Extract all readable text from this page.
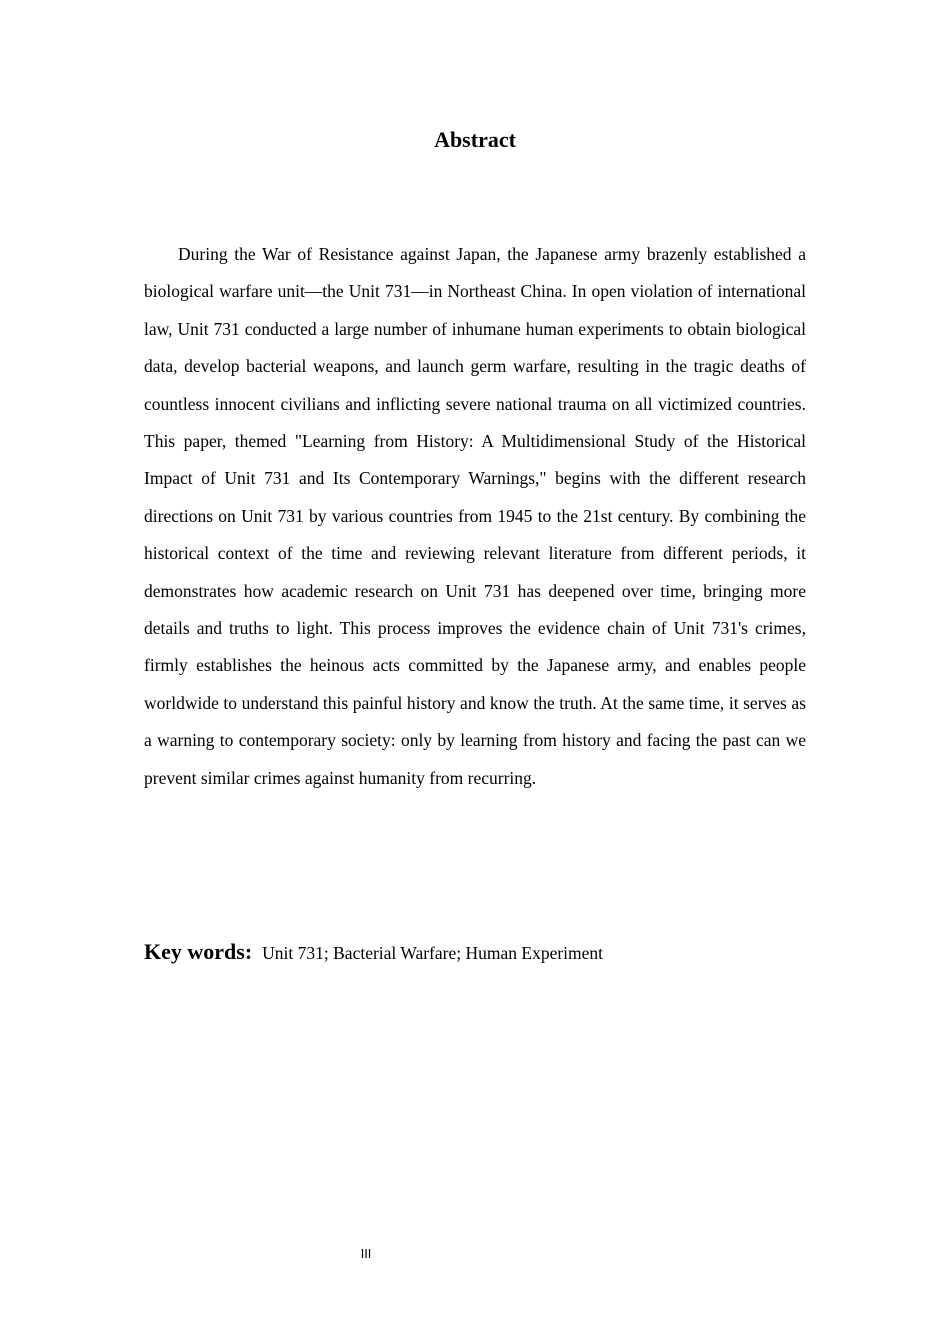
Abstract

During the War of Resistance against Japan, the Japanese army brazenly established a biological warfare unit—the Unit 731—in Northeast China. In open violation of international law, Unit 731 conducted a large number of inhumane human experiments to obtain biological data, develop bacterial weapons, and launch germ warfare, resulting in the tragic deaths of countless innocent civilians and inflicting severe national trauma on all victimized countries. This paper, themed "Learning from History: A Multidimensional Study of the Historical Impact of Unit 731 and Its Contemporary Warnings," begins with the different research directions on Unit 731 by various countries from 1945 to the 21st century. By combining the historical context of the time and reviewing relevant literature from different periods, it demonstrates how academic research on Unit 731 has deepened over time, bringing more details and truths to light. This process improves the evidence chain of Unit 731's crimes, firmly establishes the heinous acts committed by the Japanese army, and enables people worldwide to understand this painful history and know the truth. At the same time, it serves as a warning to contemporary society: only by learning from history and facing the past can we prevent similar crimes against humanity from recurring.

Key words: Unit 731; Bacterial Warfare; Human Experiment

III
